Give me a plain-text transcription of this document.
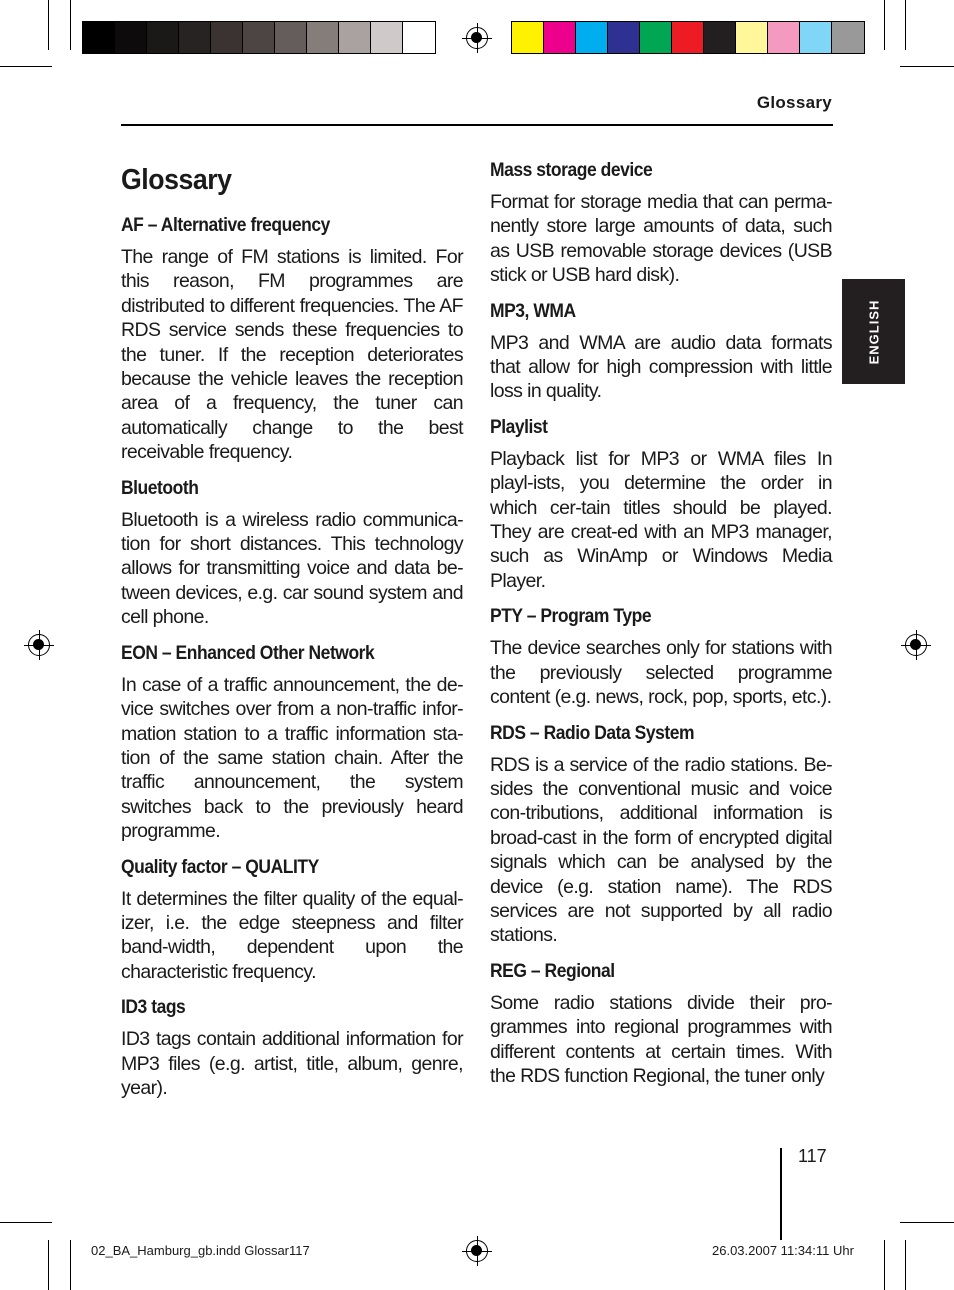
Glossary
ENGLISH
Glossary
AF – Alternative frequency
The range of FM stations is limited. For this reason, FM programmes are distributed to different frequencies. The AF RDS service sends these frequencies to the tuner. If the reception deteriorates because the vehicle leaves the reception area of a frequency, the tuner can automatically change to the best receivable frequency.
Bluetooth
Bluetooth is a wireless radio communica-tion for short distances. This technology allows for transmitting voice and data be-tween devices, e.g. car sound system and cell phone.
EON – Enhanced Other Network
In case of a traffic announcement, the de-vice switches over from a non-traffic infor-mation station to a traffic information sta-tion of the same station chain. After the traffic announcement, the system switches back to the previously heard programme.
Quality factor – QUALITY
It determines the filter quality of the equal-izer, i.e. the edge steepness and filter band-width, dependent upon the characteristic frequency.
ID3 tags
ID3 tags contain additional information for MP3 files (e.g. artist, title, album, genre, year).
Mass storage device
Format for storage media that can perma-nently store large amounts of data, such as USB removable storage devices (USB stick or USB hard disk).
MP3, WMA
MP3 and WMA are audio data formats that allow for high compression with little loss in quality.
Playlist
Playback list for MP3 or WMA files In playl-ists, you determine the order in which cer-tain titles should be played. They are creat-ed with an MP3 manager, such as WinAmp or Windows Media Player.
PTY – Program Type
The device searches only for stations with the previously selected programme content (e.g. news, rock, pop, sports, etc.).
RDS – Radio Data System
RDS is a service of the radio stations. Be-sides the conventional music and voice con-tributions, additional information is broad-cast in the form of encrypted digital signals which can be analysed by the device (e.g. station name). The RDS services are not supported by all radio stations.
REG – Regional
Some radio stations divide their pro-grammes into regional programmes with different contents at certain times. With the RDS function Regional, the tuner only
117
02_BA_Hamburg_gb.indd Glossar117	26.03.2007 11:34:11 Uhr
